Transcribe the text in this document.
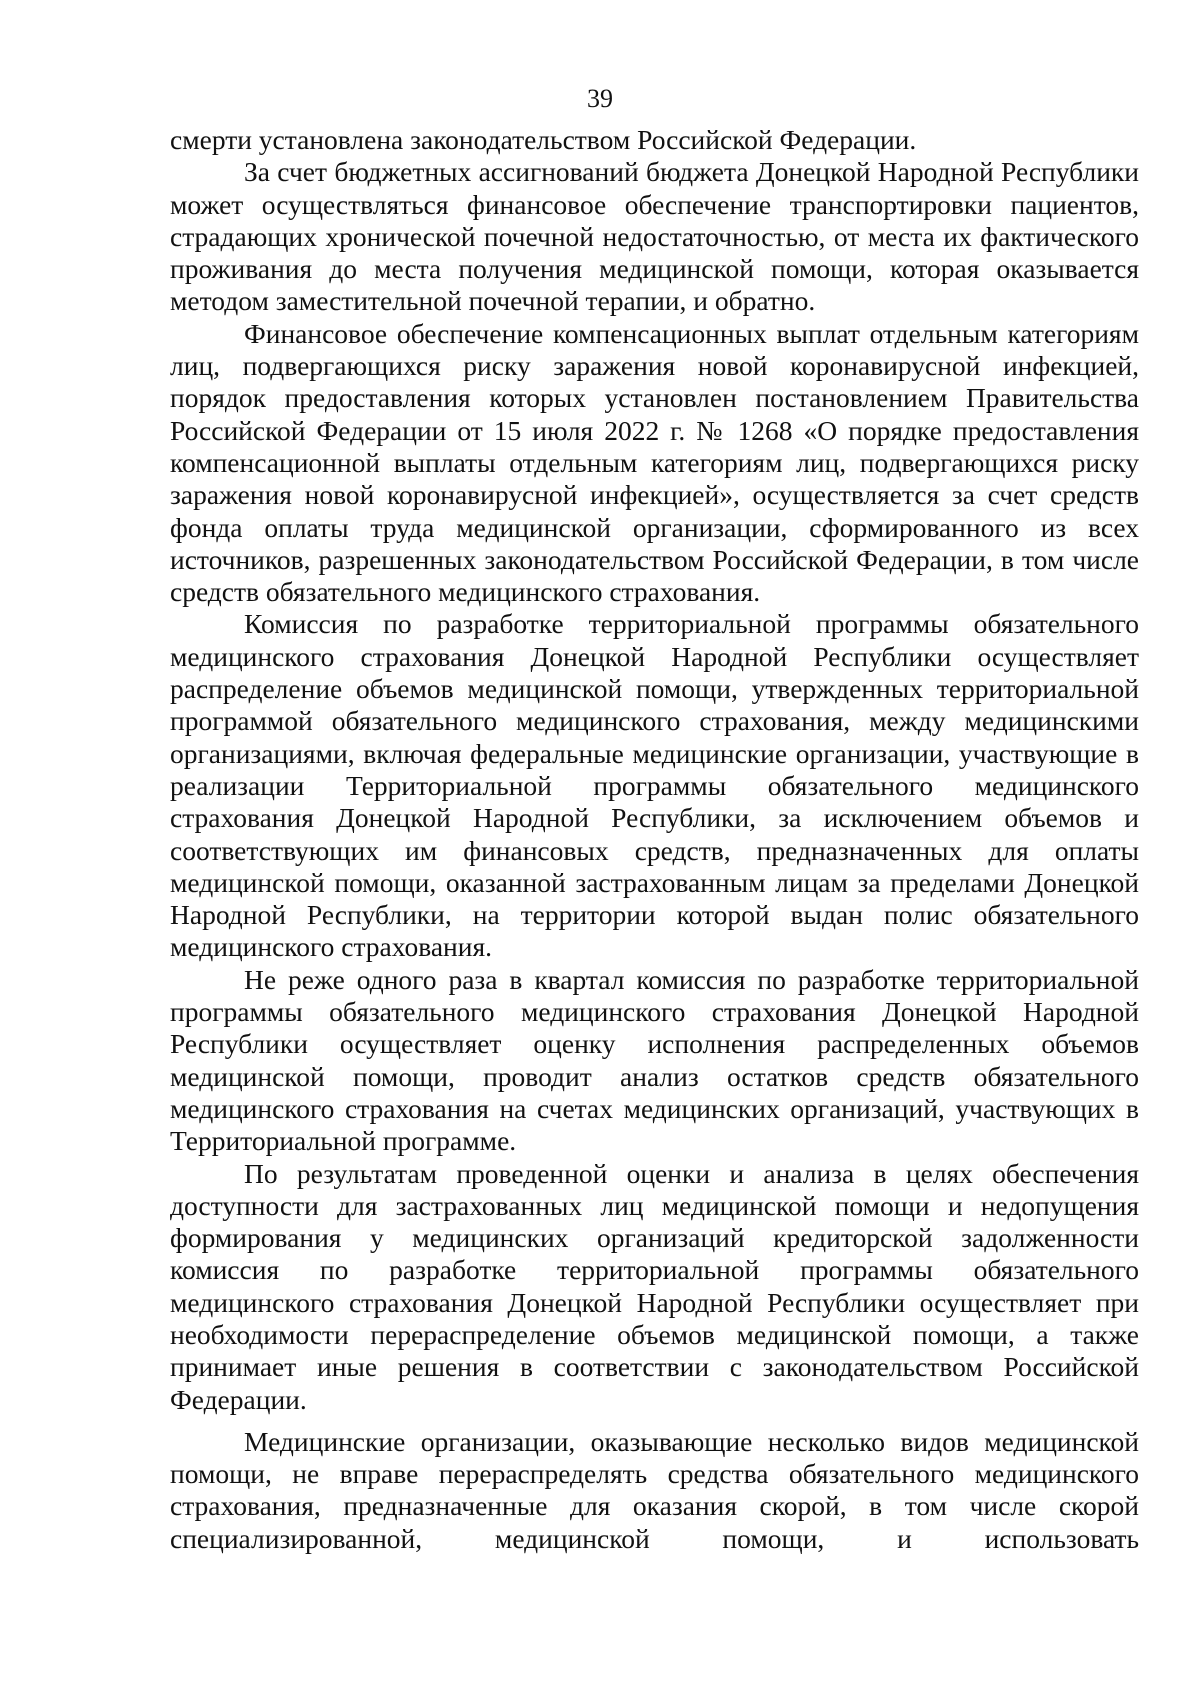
39

смерти установлена законодательством Российской Федерации.

За счет бюджетных ассигнований бюджета Донецкой Народной Республики может осуществляться финансовое обеспечение транспортировки пациентов, страдающих хронической почечной недостаточностью, от места их фактического проживания до места получения медицинской помощи, которая оказывается методом заместительной почечной терапии, и обратно.

Финансовое обеспечение компенсационных выплат отдельным категориям лиц, подвергающихся риску заражения новой коронавирусной инфекцией, порядок предоставления которых установлен постановлением Правительства Российской Федерации от 15 июля 2022 г. № 1268 «О порядке предоставления компенсационной выплаты отдельным категориям лиц, подвергающихся риску заражения новой коронавирусной инфекцией», осуществляется за счет средств фонда оплаты труда медицинской организации, сформированного из всех источников, разрешенных законодательством Российской Федерации, в том числе средств обязательного медицинского страхования.

Комиссия по разработке территориальной программы обязательного медицинского страхования Донецкой Народной Республики осуществляет распределение объемов медицинской помощи, утвержденных территориальной программой обязательного медицинского страхования, между медицинскими организациями, включая федеральные медицинские организации, участвующие в реализации Территориальной программы обязательного медицинского страхования Донецкой Народной Республики, за исключением объемов и соответствующих им финансовых средств, предназначенных для оплаты медицинской помощи, оказанной застрахованным лицам за пределами Донецкой Народной Республики, на территории которой выдан полис обязательного медицинского страхования.

Не реже одного раза в квартал комиссия по разработке территориальной программы обязательного медицинского страхования Донецкой Народной Республики осуществляет оценку исполнения распределенных объемов медицинской помощи, проводит анализ остатков средств обязательного медицинского страхования на счетах медицинских организаций, участвующих в Территориальной программе.

По результатам проведенной оценки и анализа в целях обеспечения доступности для застрахованных лиц медицинской помощи и недопущения формирования у медицинских организаций кредиторской задолженности комиссия по разработке территориальной программы обязательного медицинского страхования Донецкой Народной Республики осуществляет при необходимости перераспределение объемов медицинской помощи, а также принимает иные решения в соответствии с законодательством Российской Федерации.

Медицинские организации, оказывающие несколько видов медицинской помощи, не вправе перераспределять средства обязательного медицинского страхования, предназначенные для оказания скорой, в том числе скорой специализированной, медицинской помощи, и использовать
